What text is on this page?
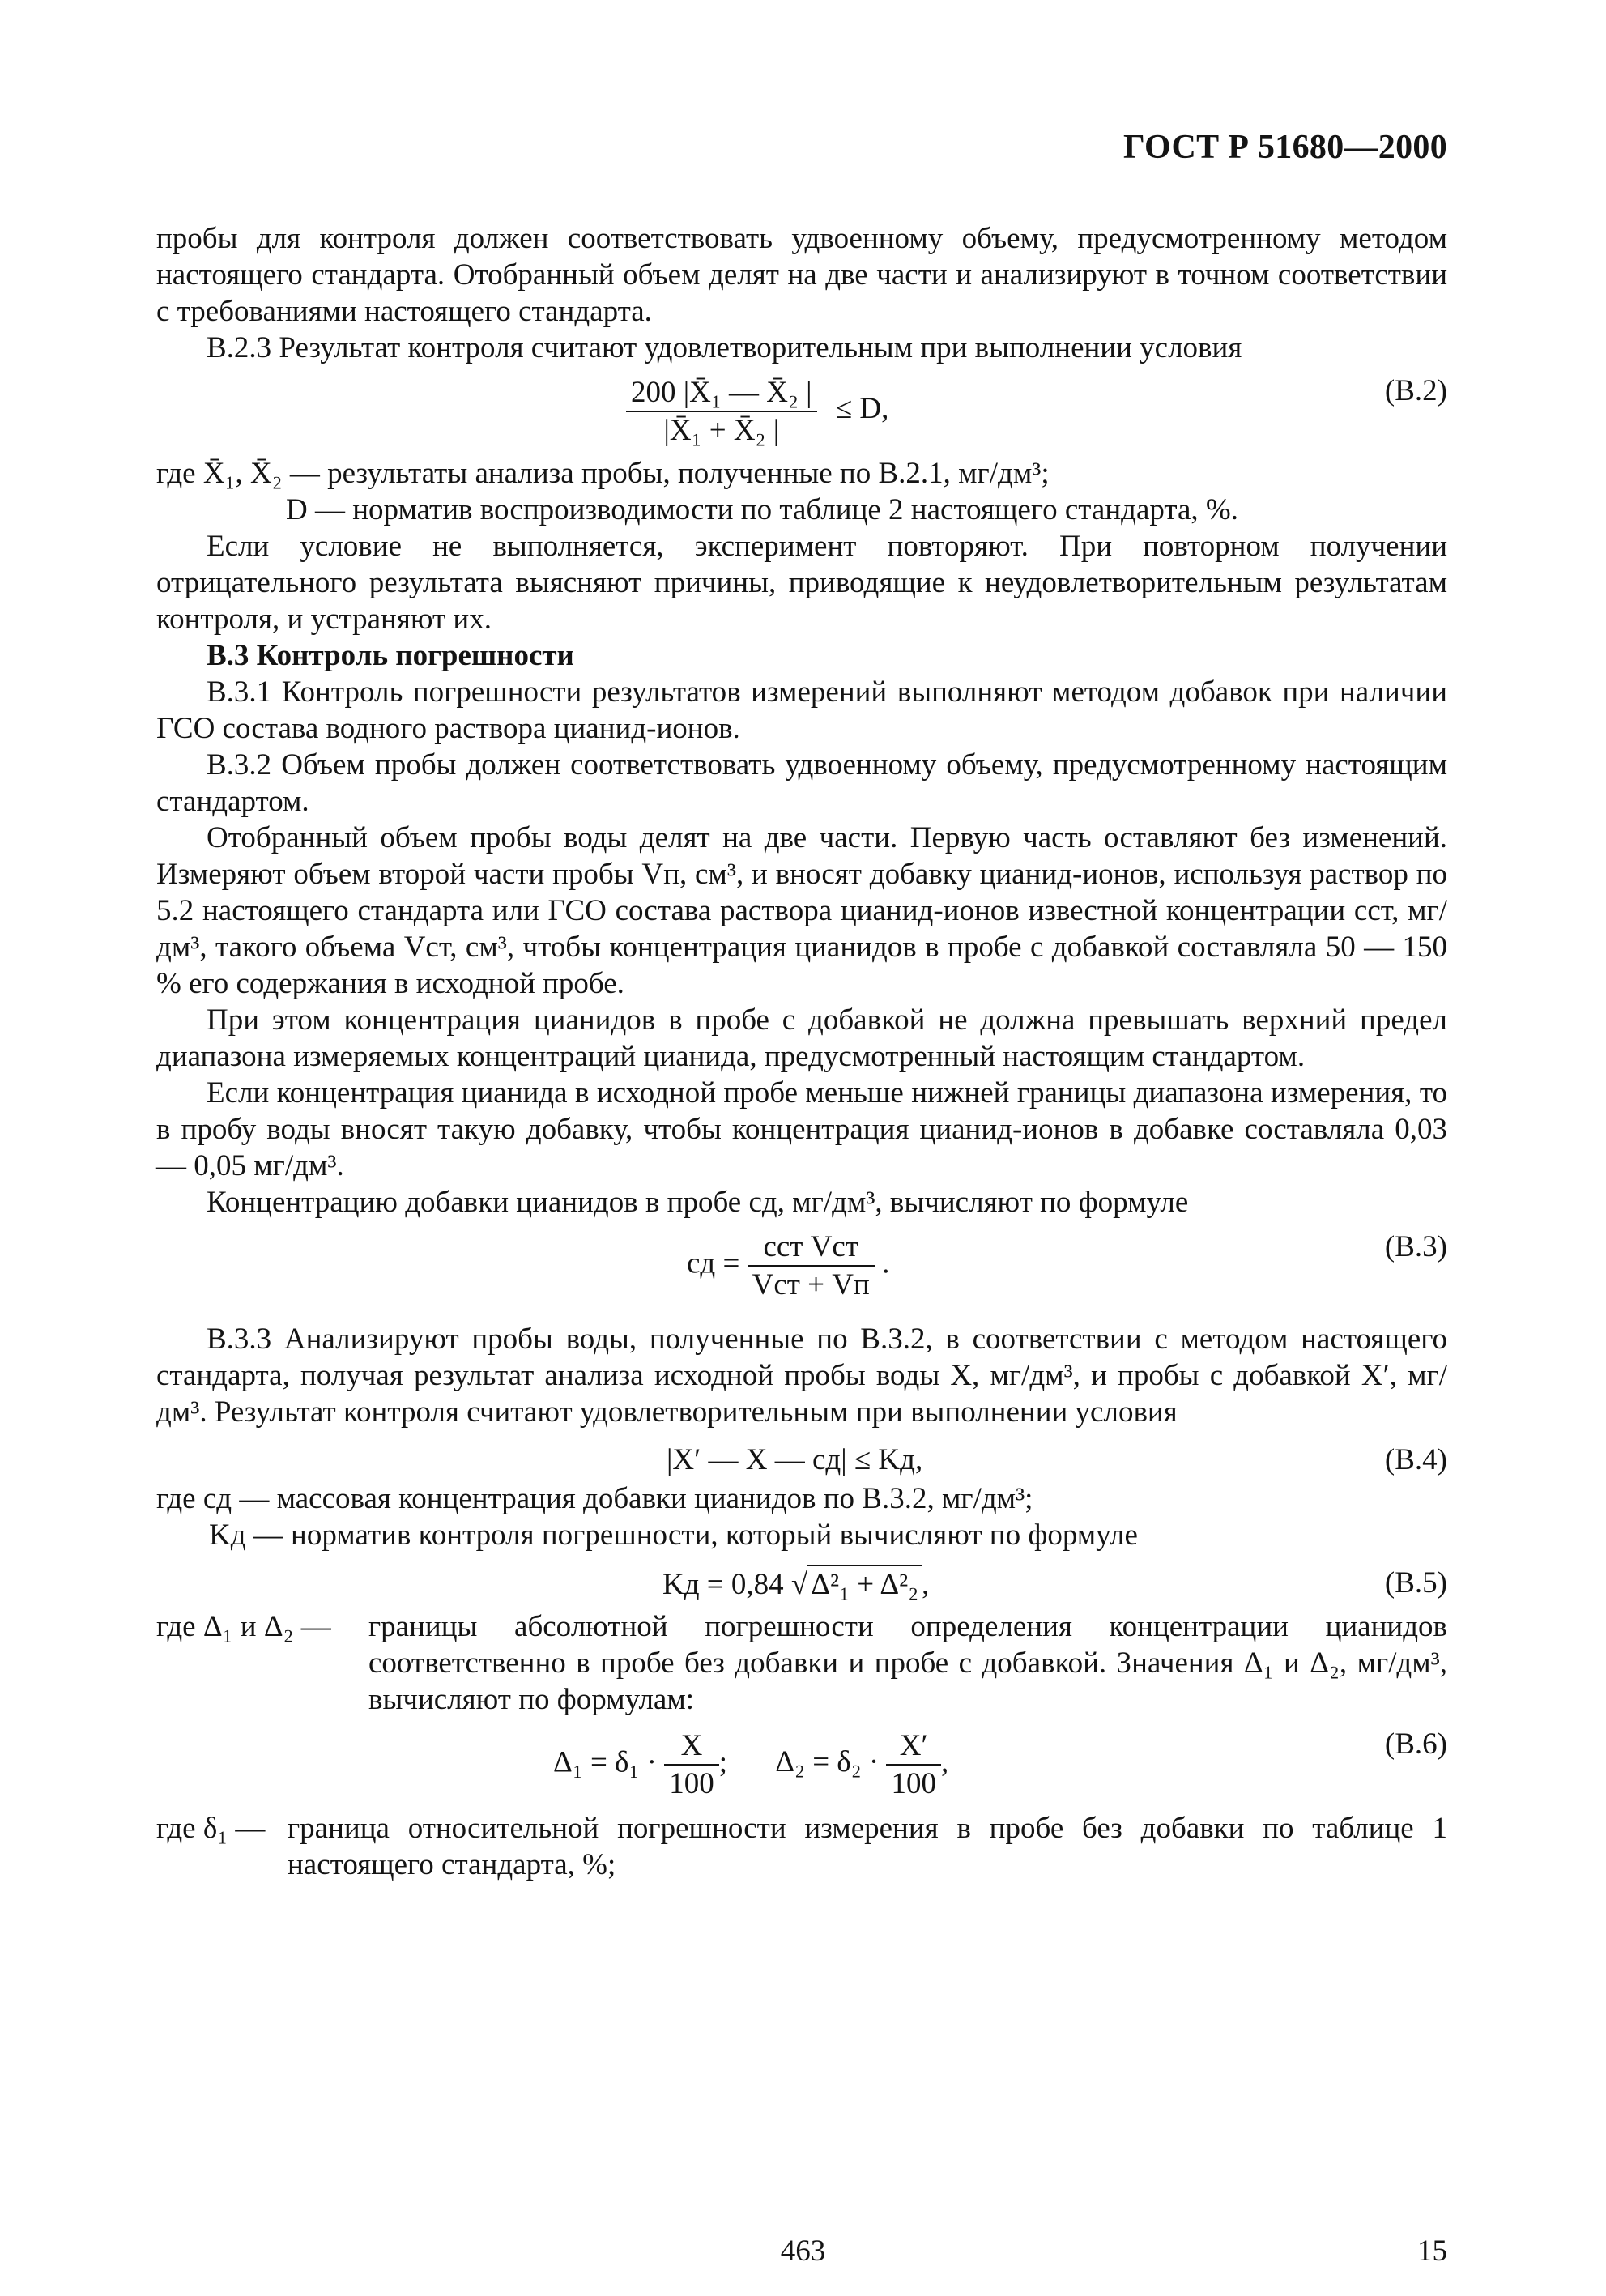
ГОСТ Р 51680—2000

пробы для контроля должен соответствовать удвоенному объему, предусмотренному методом настоящего стандарта. Отобранный объем делят на две части и анализируют в точном соответствии с требованиями настоящего стандарта.

В.2.3 Результат контроля считают удовлетворительным при выполнении условия

$\frac{\text{200 |X̄₁ — X̄₂ |}}{\text{|X̄₁ + X̄₂ |}} \le D$,
(В.2)

где X̄₁, X̄₂ — результаты анализа пробы, полученные по В.2.1, мг/дм³;

D — норматив воспроизводимости по таблице 2 настоящего стандарта, %.

Если условие не выполняется, эксперимент повторяют. При повторном получении отрицательного результата выясняют причины, приводящие к неудовлетворительным результатам контроля, и устраняют их.

В.3 Контроль погрешности

В.3.1 Контроль погрешности результатов измерений выполняют методом добавок при наличии ГСО состава водного раствора цианид-ионов.

В.3.2 Объем пробы должен соответствовать удвоенному объему, предусмотренному настоящим стандартом.

Отобранный объем пробы воды делят на две части. Первую часть оставляют без изменений. Измеряют объем второй части пробы Vп, см³, и вносят добавку цианид-ионов, используя раствор по 5.2 настоящего стандарта или ГСО состава раствора цианид-ионов известной концентрации cст, мг/дм³, такого объема Vст, см³, чтобы концентрация цианидов в пробе с добавкой составляла 50 — 150 % его содержания в исходной пробе.

При этом концентрация цианидов в пробе с добавкой не должна превышать верхний предел диапазона измеряемых концентраций цианида, предусмотренный настоящим стандартом.

Если концентрация цианида в исходной пробе меньше нижней границы диапазона измерения, то в пробу воды вносят такую добавку, чтобы концентрация цианид-ионов в добавке составляла 0,03 — 0,05 мг/дм³.

Концентрацию добавки цианидов в пробе cд, мг/дм³, вычисляют по формуле

cд = $\frac{\text{cст Vст}}{\text{Vст + Vп}}$ .	(В.3)

В.3.3 Анализируют пробы воды, полученные по В.3.2, в соответствии с методом настоящего стандарта, получая результат анализа исходной пробы воды X, мг/дм³, и пробы с добавкой X′, мг/дм³. Результат контроля считают удовлетворительным при выполнении условия

|X′ — X — cд| ≤ Kд,	(В.4)

где cд — массовая концентрация добавки цианидов по В.3.2, мг/дм³;

Kд — норматив контроля погрешности, который вычисляют по формуле

Kд = 0,84 √ Δ²₁ + Δ²₂ ,	(В.5)
где Δ₁ и Δ₂ — границы абсолютной погрешности определения концентрации цианидов соответственно в пробе без добавки и пробе с добавкой. Значения Δ₁ и Δ₂, мг/дм³, вычисляют по формулам:
$\Delta_1 = \delta_1 \cdot \frac{X}{100}$ ; $\Delta_2 = \delta_2 \cdot \frac{X'}{100}$ ,
(В.6)
где δ₁ — граница относительной погрешности измерения в пробе без добавки по таблице 1 настоящего стандарта, %;
463	15
